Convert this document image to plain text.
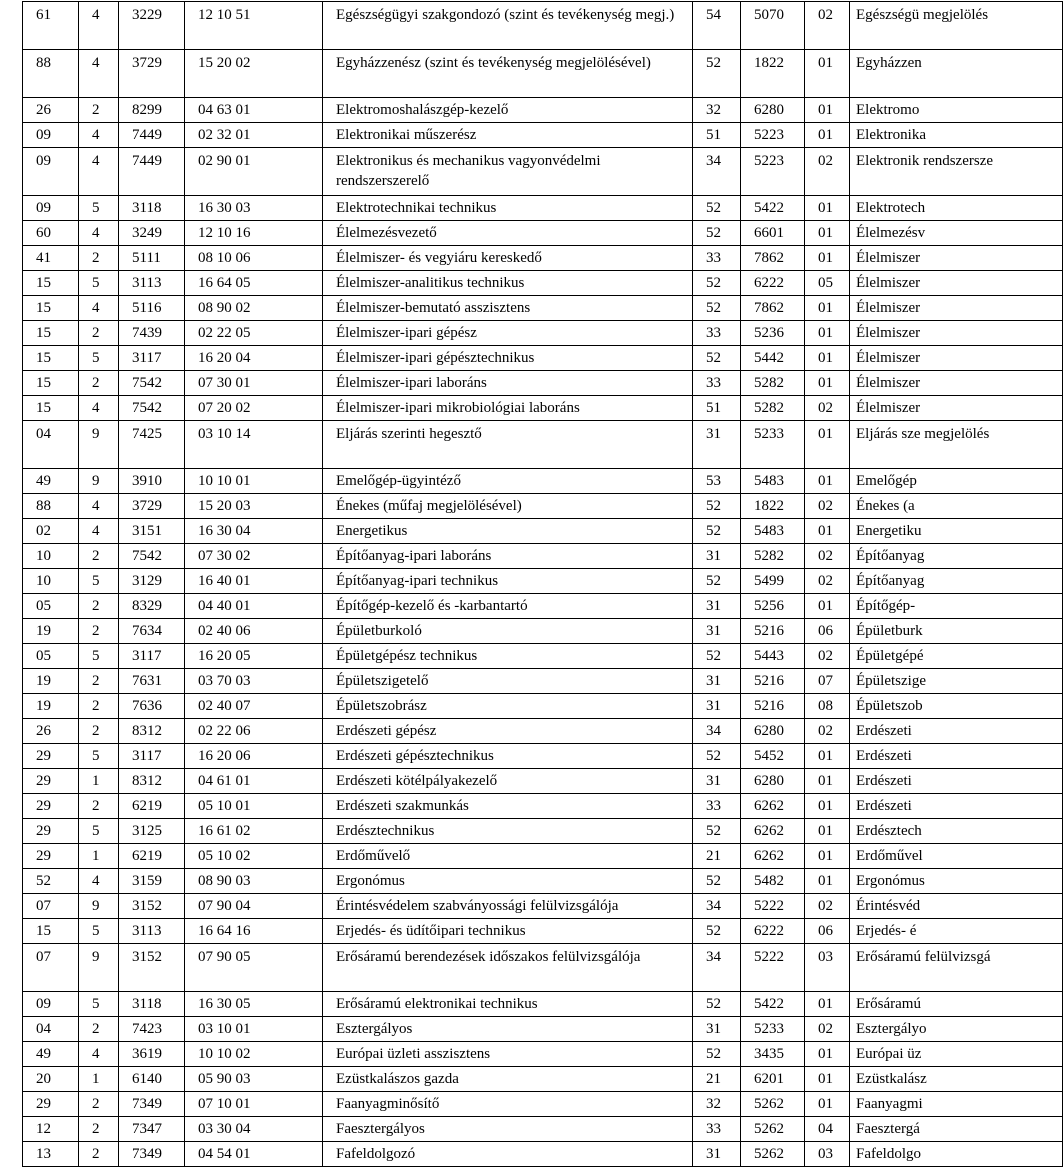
61	4	3229	12 10 51	Egészségügyi szakgondozó (szint és tevékenység megj.)	54	5070	02	Egészségü megjelölés
88	4	3729	15 20 02	Egyházzenész (szint és tevékenység megjelölésével)	52	1822	01	Egyházzen
26	2	8299	04 63 01	Elektromoshalászgép-kezelő	32	6280	01	Elektromo
09	4	7449	02 32 01	Elektronikai műszerész	51	5223	01	Elektronika
09	4	7449	02 90 01	Elektronikus és mechanikus vagyonvédelmi rendszerszerelő	34	5223	02	Elektronik rendszersze
09	5	3118	16 30 03	Elektrotechnikai technikus	52	5422	01	Elektrotech
60	4	3249	12 10 16	Élelmezésvezető	52	6601	01	Élelmezésv
41	2	5111	08 10 06	Élelmiszer- és vegyiáru kereskedő	33	7862	01	Élelmiszer
15	5	3113	16 64 05	Élelmiszer-analitikus technikus	52	6222	05	Élelmiszer
15	4	5116	08 90 02	Élelmiszer-bemutató asszisztens	52	7862	01	Élelmiszer
15	2	7439	02 22 05	Élelmiszer-ipari gépész	33	5236	01	Élelmiszer
15	5	3117	16 20 04	Élelmiszer-ipari gépésztechnikus	52	5442	01	Élelmiszer
15	2	7542	07 30 01	Élelmiszer-ipari laboráns	33	5282	01	Élelmiszer
15	4	7542	07 20 02	Élelmiszer-ipari mikrobiológiai laboráns	51	5282	02	Élelmiszer
04	9	7425	03 10 14	Eljárás szerinti hegesztő	31	5233	01	Eljárás sze megjelölés
49	9	3910	10 10 01	Emelőgép-ügyintéző	53	5483	01	Emelőgép
88	4	3729	15 20 03	Énekes (műfaj megjelölésével)	52	1822	02	Énekes (a
02	4	3151	16 30 04	Energetikus	52	5483	01	Energetiku
10	2	7542	07 30 02	Építőanyag-ipari laboráns	31	5282	02	Építőanyag
10	5	3129	16 40 01	Építőanyag-ipari technikus	52	5499	02	Építőanyag
05	2	8329	04 40 01	Építőgép-kezelő és -karbantartó	31	5256	01	Építőgép-
19	2	7634	02 40 06	Épületburkoló	31	5216	06	Épületburk
05	5	3117	16 20 05	Épületgépész technikus	52	5443	02	Épületgépé
19	2	7631	03 70 03	Épületszigetelő	31	5216	07	Épületszige
19	2	7636	02 40 07	Épületszobrász	31	5216	08	Épületszob
26	2	8312	02 22 06	Erdészeti gépész	34	6280	02	Erdészeti
29	5	3117	16 20 06	Erdészeti gépésztechnikus	52	5452	01	Erdészeti
29	1	8312	04 61 01	Erdészeti kötélpályakezelő	31	6280	01	Erdészeti
29	2	6219	05 10 01	Erdészeti szakmunkás	33	6262	01	Erdészeti
29	5	3125	16 61 02	Erdésztechnikus	52	6262	01	Erdésztech
29	1	6219	05 10 02	Erdőművelő	21	6262	01	Erdőművel
52	4	3159	08 90 03	Ergonómus	52	5482	01	Ergonómus
07	9	3152	07 90 04	Érintésvédelem szabványossági felülvizsgálója	34	5222	02	Érintésvéd
15	5	3113	16 64 16	Erjedés- és üdítőipari technikus	52	6222	06	Erjedés- é
07	9	3152	07 90 05	Erősáramú berendezések időszakos felülvizsgálója	34	5222	03	Erősáramú felülvizsgá
09	5	3118	16 30 05	Erősáramú elektronikai technikus	52	5422	01	Erősáramú
04	2	7423	03 10 01	Esztergályos	31	5233	02	Esztergályo
49	4	3619	10 10 02	Európai üzleti asszisztens	52	3435	01	Európai üz
20	1	6140	05 90 03	Ezüstkalászos gazda	21	6201	01	Ezüstkalász
29	2	7349	07 10 01	Faanyagminősítő	32	5262	01	Faanyagmi
12	2	7347	03 30 04	Faesztergályos	33	5262	04	Faesztergá
13	2	7349	04 54 01	Fafeldolgozó	31	5262	03	Fafeldolgo
